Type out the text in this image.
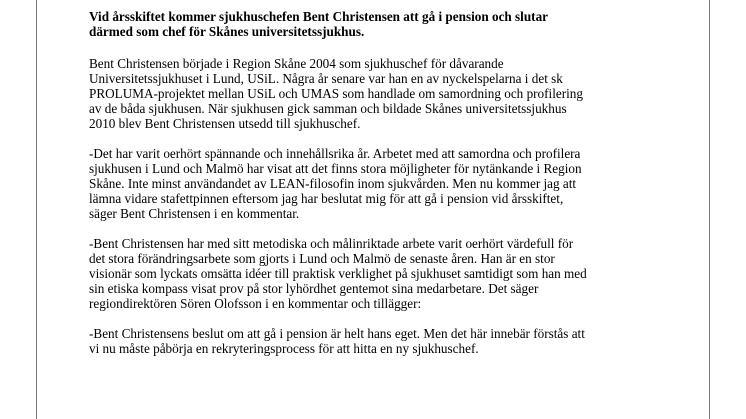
Vid årsskiftet kommer sjukhuschefen Bent Christensen att gå i pension och slutar
därmed som chef för Skånes universitetssjukhus.

Bent Christensen började i Region Skåne 2004 som sjukhuschef för dåvarande
Universitetssjukhuset i Lund, USiL. Några år senare var han en av nyckelspelarna i det sk
PROLUMA-projektet mellan USiL och UMAS som handlade om samordning och profilering
av de båda sjukhusen. När sjukhusen gick samman och bildade Skånes universitetssjukhus
2010 blev Bent Christensen utsedd till sjukhuschef.

-Det har varit oerhört spännande och innehållsrika år. Arbetet med att samordna och profilera
sjukhusen i Lund och Malmö har visat att det finns stora möjligheter för nytänkande i Region
Skåne. Inte minst användandet av LEAN-filosofin inom sjukvården. Men nu kommer jag att
lämna vidare stafettpinnen eftersom jag har beslutat mig för att gå i pension vid årsskiftet,
säger Bent Christensen i en kommentar.

-Bent Christensen har med sitt metodiska och målinriktade arbete varit oerhört värdefull för
det stora förändringsarbete som gjorts i Lund och Malmö de senaste åren. Han är en stor
visionär som lyckats omsätta idéer till praktisk verklighet på sjukhuset samtidigt som han med
sin etiska kompass visat prov på stor lyhördhet gentemot sina medarbetare. Det säger
regiondirektören Sören Olofsson i en kommentar och tillägger:

-Bent Christensens beslut om att gå i pension är helt hans eget. Men det här innebär förstås att
vi nu måste påbörja en rekryteringsprocess för att hitta en ny sjukhuschef.
